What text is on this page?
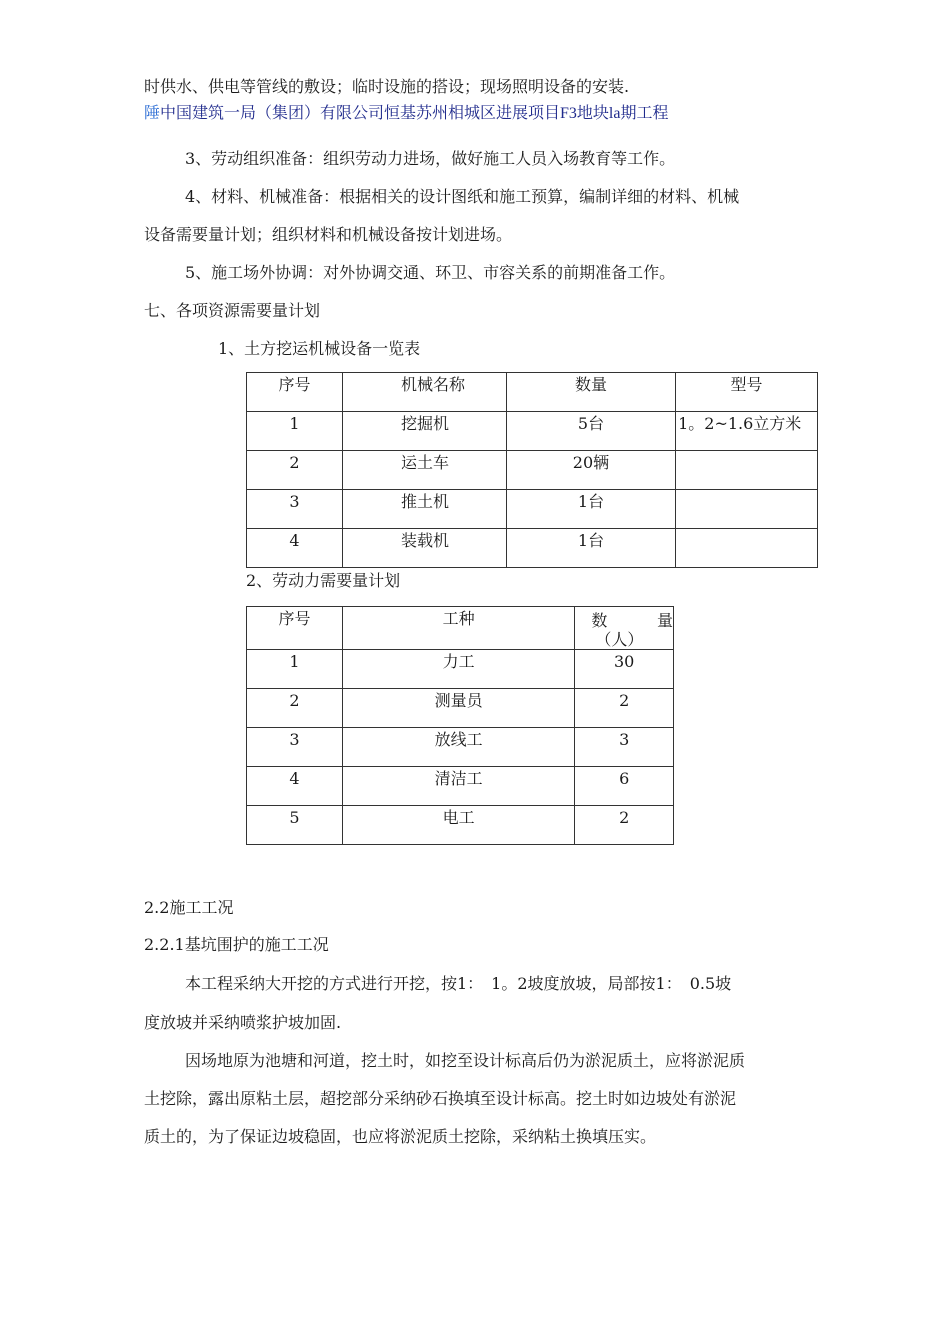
时供水、供电等管线的敷设；临时设施的搭设；现场照明设备的安装.
陲中国建筑一局（集团）有限公司恒基苏州相城区进展项目F3地块la期工程
3、劳动组织准备：组织劳动力进场，做好施工人员入场教育等工作。
4、材料、机械准备：根据相关的设计图纸和施工预算，编制详细的材料、机械
设备需要量计划；组织材料和机械设备按计划进场。
5、施工场外协调：对外协调交通、环卫、市容关系的前期准备工作。
七、各项资源需要量计划
1、土方挖运机械设备一览表
序号	机械名称	数量	型号

1	挖掘机	5台	1。2~1.6立方米

2	运土车	20辆	

3	推土机	1台	

4	装载机	1台	

2、劳动力需要量计划
序号	工种	数 量
（人）

1	力工	30

2	测量员	2

3	放线工	3

4	清洁工	6

5	电工	2
2.2施工工况
2.2.1基坑围护的施工工况
本工程采纳大开挖的方式进行开挖，按1：　1。2坡度放坡，局部按1：　0.5坡
度放坡并采纳喷浆护坡加固.
因场地原为池塘和河道，挖土时，如挖至设计标高后仍为淤泥质土，应将淤泥质
土挖除，露出原粘土层，超挖部分采纳砂石换填至设计标高。挖土时如边坡处有淤泥
质土的，为了保证边坡稳固，也应将淤泥质土挖除，采纳粘土换填压实。
